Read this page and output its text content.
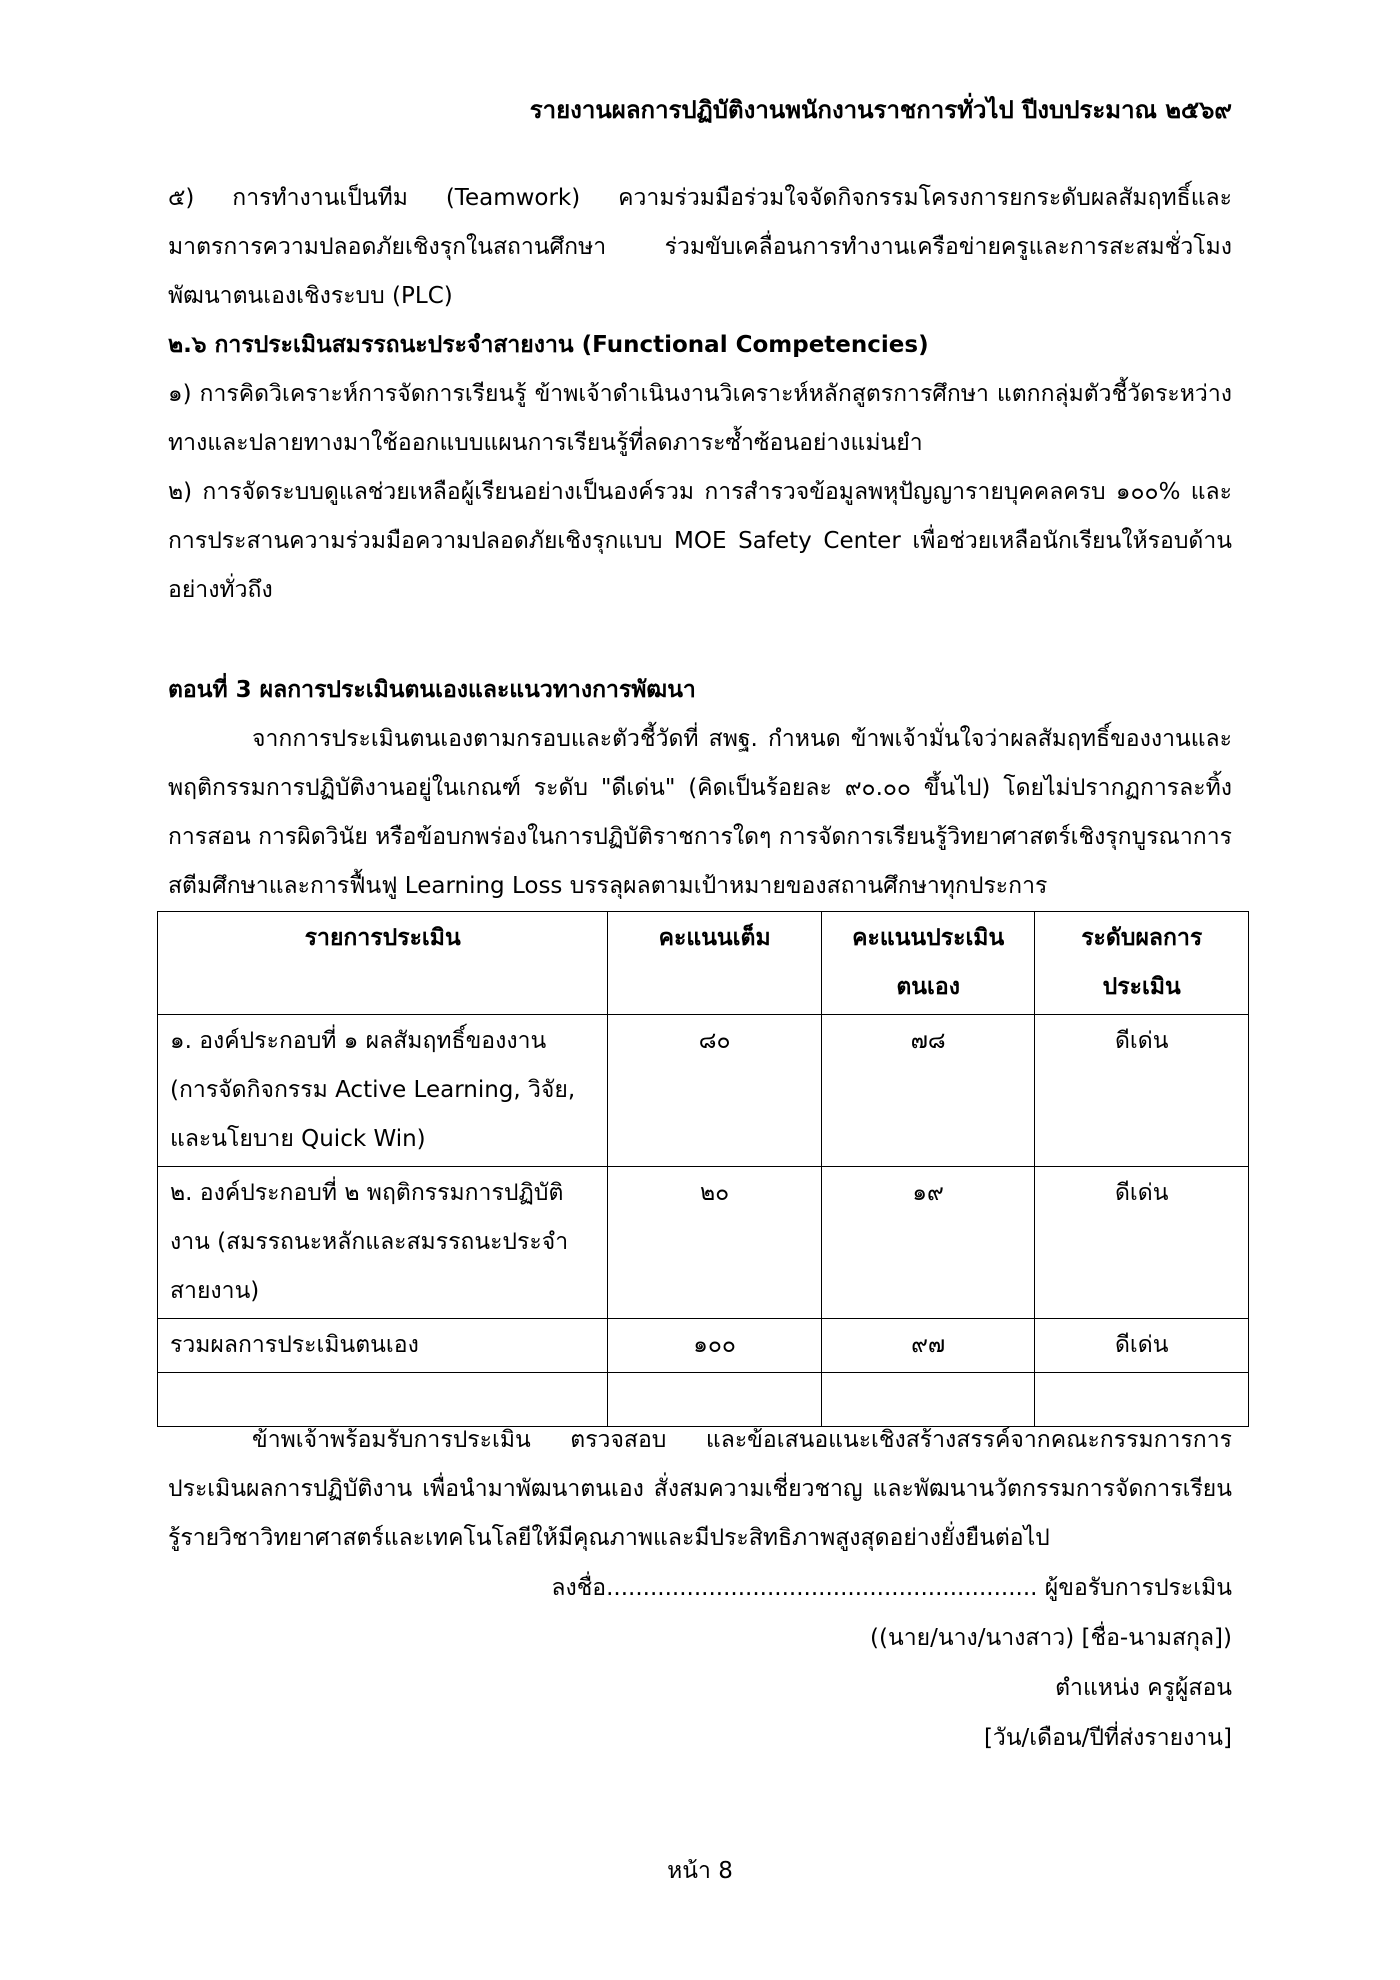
รายงานผลการปฏิบัติงานพนักงานราชการทั่วไป ปีงบประมาณ ๒๕๖๙

๕) การทำงานเป็นทีม (Teamwork) ความร่วมมือร่วมใจจัดกิจกรรมโครงการยกระดับผลสัมฤทธิ์และมาตรการความปลอดภัยเชิงรุกในสถานศึกษา ร่วมขับเคลื่อนการทำงานเครือข่ายครูและการสะสมชั่วโมงพัฒนาตนเองเชิงระบบ (PLC)

๒.๖ การประเมินสมรรถนะประจำสายงาน (Functional Competencies)

๑) การคิดวิเคราะห์การจัดการเรียนรู้ ข้าพเจ้าดำเนินงานวิเคราะห์หลักสูตรการศึกษา แตกกลุ่มตัวชี้วัดระหว่างทางและปลายทางมาใช้ออกแบบแผนการเรียนรู้ที่ลดภาระซ้ำซ้อนอย่างแม่นยำ

๒) การจัดระบบดูแลช่วยเหลือผู้เรียนอย่างเป็นองค์รวม การสำรวจข้อมูลพหุปัญญารายบุคคลครบ ๑๐๐% และการประสานความร่วมมือความปลอดภัยเชิงรุกแบบ MOE Safety Center เพื่อช่วยเหลือนักเรียนให้รอบด้านอย่างทั่วถึง

ตอนที่ 3 ผลการประเมินตนเองและแนวทางการพัฒนา

จากการประเมินตนเองตามกรอบและตัวชี้วัดที่ สพฐ. กำหนด ข้าพเจ้ามั่นใจว่าผลสัมฤทธิ์ของงานและพฤติกรรมการปฏิบัติงานอยู่ในเกณฑ์ ระดับ "ดีเด่น" (คิดเป็นร้อยละ ๙๐.๐๐ ขึ้นไป) โดยไม่ปรากฏการละทิ้งการสอน การผิดวินัย หรือข้อบกพร่องในการปฏิบัติราชการใดๆ การจัดการเรียนรู้วิทยาศาสตร์เชิงรุกบูรณาการสตีมศึกษาและการฟื้นฟู Learning Loss บรรลุผลตามเป้าหมายของสถานศึกษาทุกประการ

รายการประเมิน	คะแนนเต็ม	คะแนนประเมินตนเอง	ระดับผลการประเมิน
๑. องค์ประกอบที่ ๑ ผลสัมฤทธิ์ของงาน (การจัดกิจกรรม Active Learning, วิจัย, และนโยบาย Quick Win)	๘๐	๗๘	ดีเด่น
๒. องค์ประกอบที่ ๒ พฤติกรรมการปฏิบัติงาน (สมรรถนะหลักและสมรรถนะประจำสายงาน)	๒๐	๑๙	ดีเด่น
รวมผลการประเมินตนเอง	๑๐๐	๙๗	ดีเด่น

ข้าพเจ้าพร้อมรับการประเมิน ตรวจสอบ และข้อเสนอแนะเชิงสร้างสรรค์จากคณะกรรมการการประเมินผลการปฏิบัติงาน เพื่อนำมาพัฒนาตนเอง สั่งสมความเชี่ยวชาญ และพัฒนานวัตกรรมการจัดการเรียนรู้รายวิชาวิทยาศาสตร์และเทคโนโลยีให้มีคุณภาพและมีประสิทธิภาพสูงสุดอย่างยั่งยืนต่อไป

ลงชื่อ........................................................... ผู้ขอรับการประเมิน

((นาย/นาง/นางสาว) [ชื่อ-นามสกุล])

ตำแหน่ง ครูผู้สอน

[วัน/เดือน/ปีที่ส่งรายงาน]

หน้า 8
